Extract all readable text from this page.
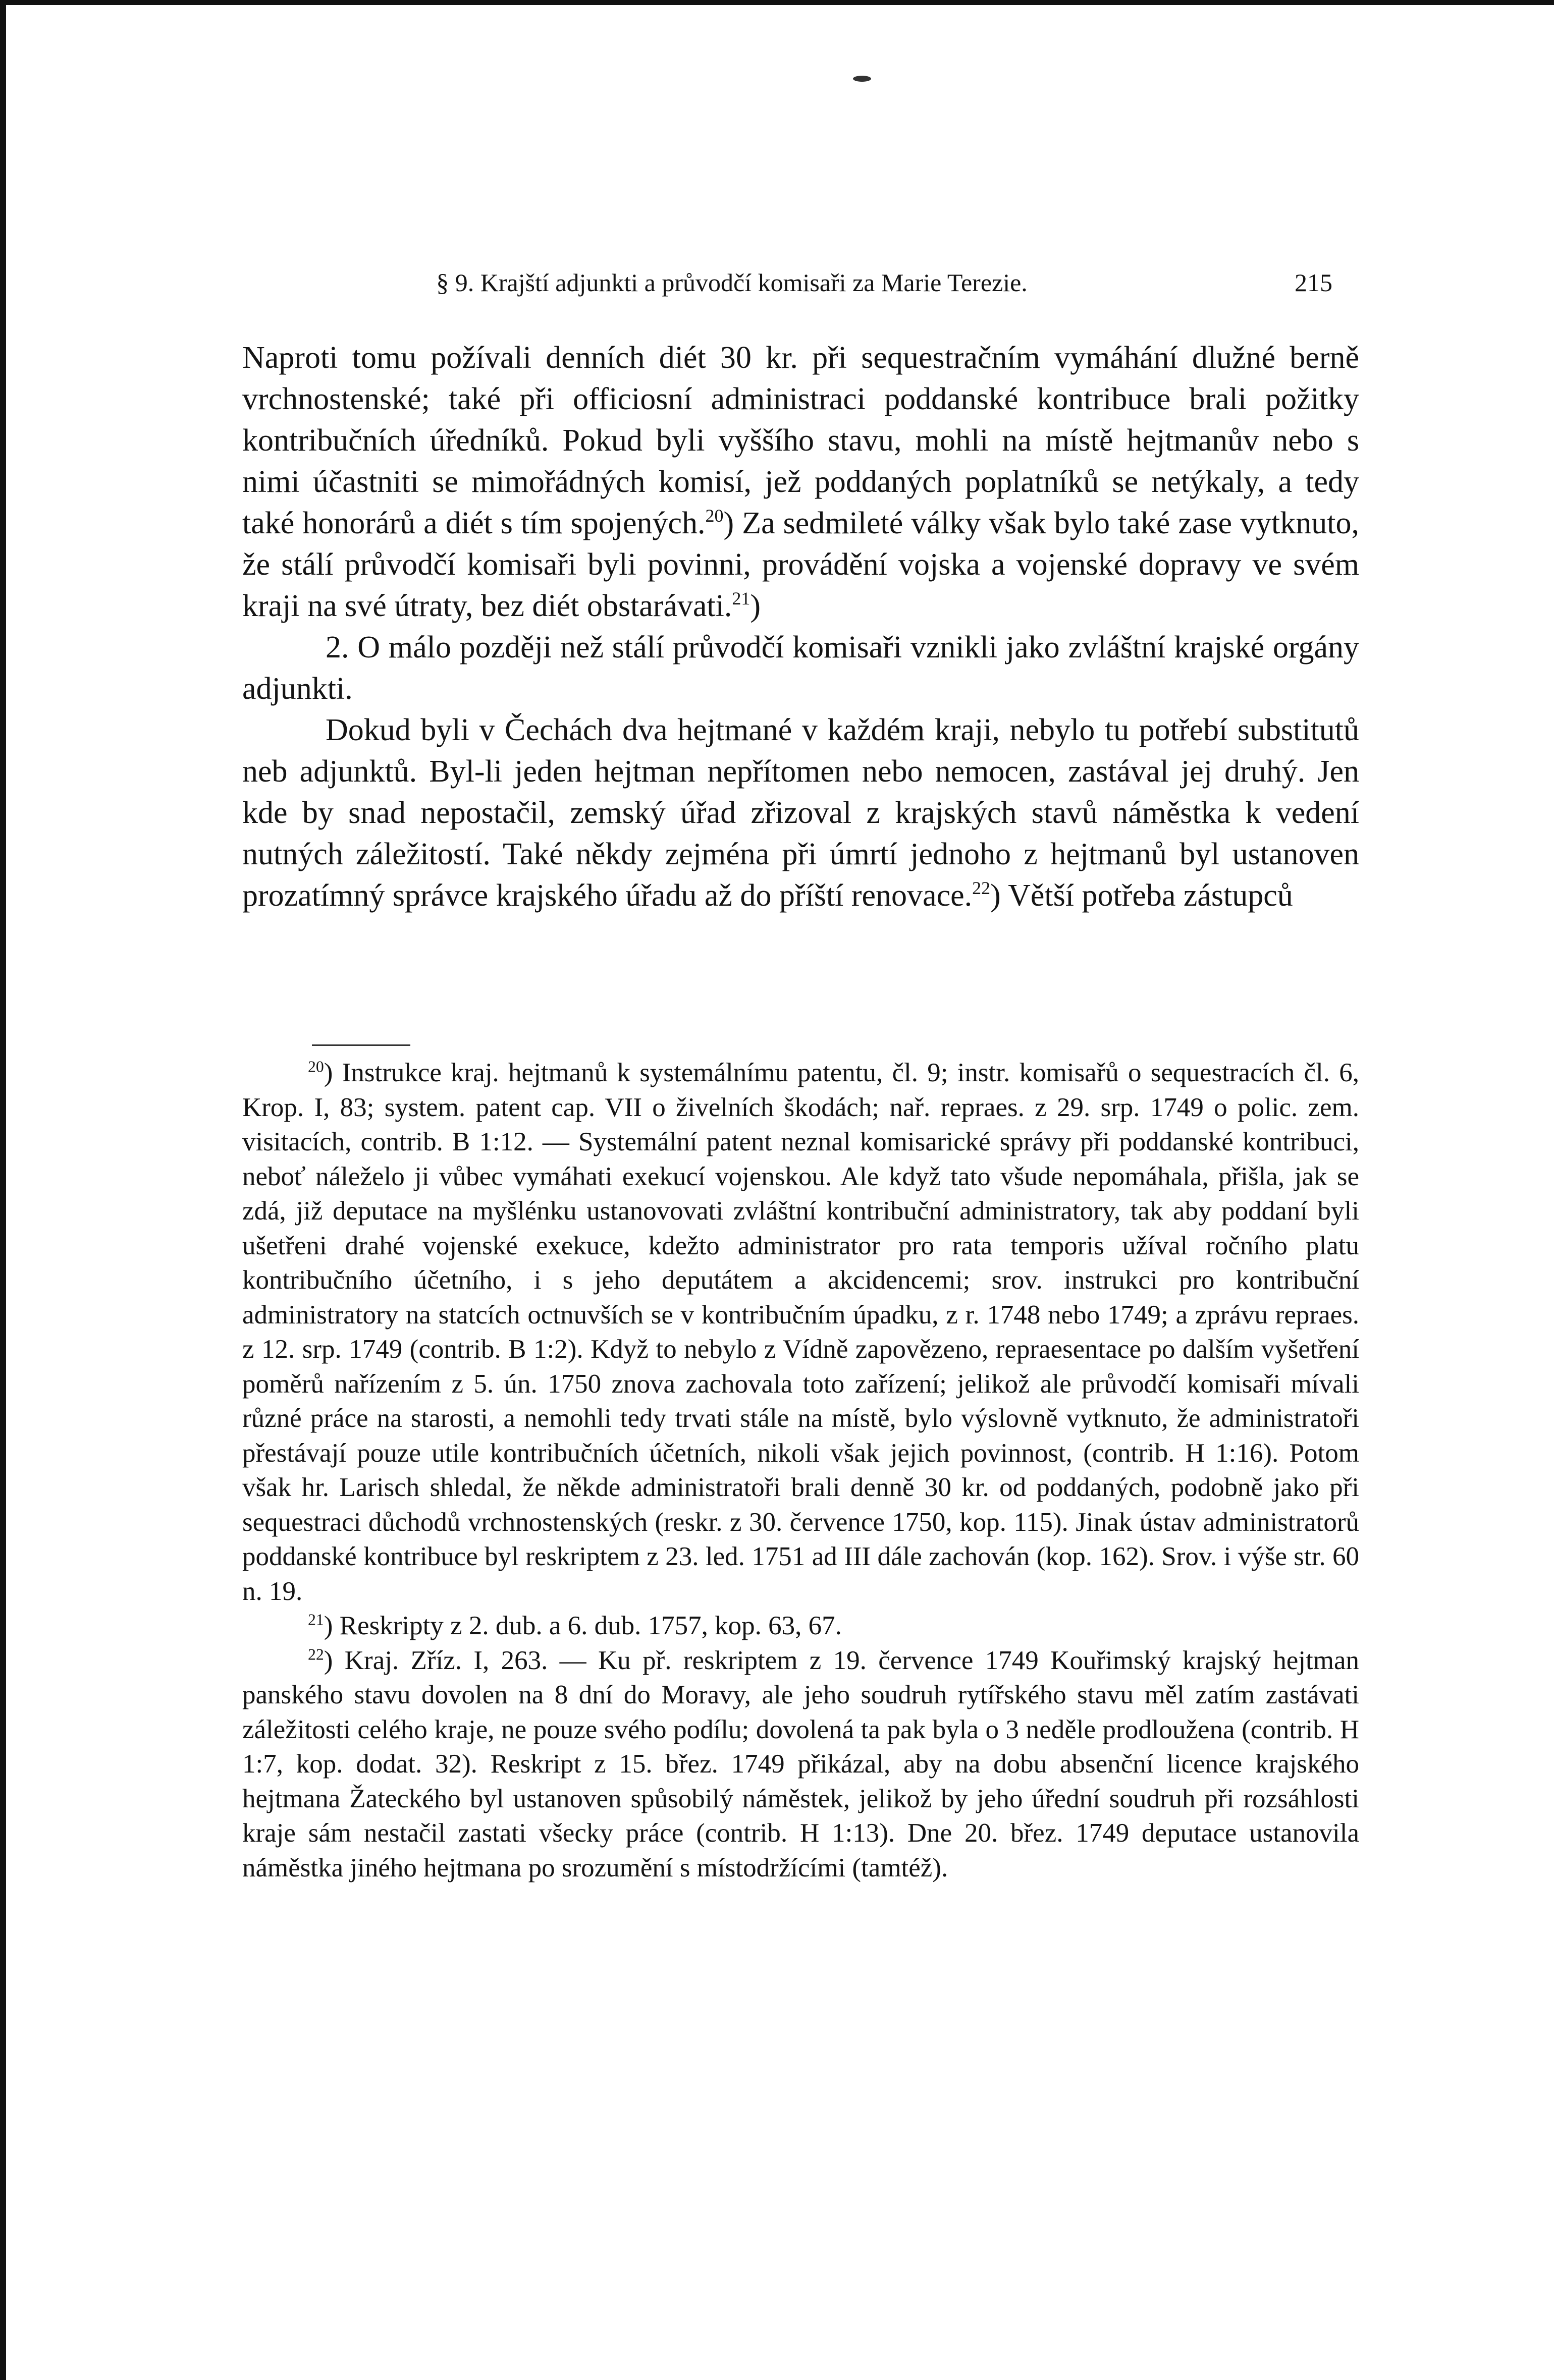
§ 9. Krajští adjunkti a průvodčí komisaři za Marie Terezie.	215

Naproti tomu požívali denních diét 30 kr. při sequestračním vymáhání dlužné berně vrchnostenské; také při officiosní administraci poddanské kontribuce brali požitky kontribučních úředníků. Pokud byli vyššího stavu, mohli na místě hejtmanův nebo s nimi účastniti se mimořádných komisí, jež poddaných poplatníků se netýkaly, a tedy také honorárů a diét s tím spojených.$^{20}$) Za sedmileté války však bylo také zase vytknuto, že stálí průvodčí komisaři byli povinni, provádění vojska a vojenské dopravy ve svém kraji na své útraty, bez diét obstarávati.$^{21}$)

2. O málo později než stálí průvodčí komisaři vznikli jako zvláštní krajské orgány adjunkti.

Dokud byli v Čechách dva hejtmané v každém kraji, nebylo tu potřebí substitutů neb adjunktů. Byl-li jeden hejtman nepřítomen nebo nemocen, zastával jej druhý. Jen kde by snad nepostačil, zemský úřad zřizoval z krajských stavů náměstka k vedení nutných záležitostí. Také někdy zejména při úmrtí jednoho z hejtmanů byl ustanoven prozatímný správce krajského úřadu až do příští renovace.$^{22}$) Větší potřeba zástupců

$^{20}$) Instrukce kraj. hejtmanů k systemálnímu patentu, čl. 9; instr. komisařů o sequestracích čl. 6, Krop. I, 83; system. patent cap. VII o živelních škodách; nař. repraes. z 29. srp. 1749 o polic. zem. visitacích, contrib. B 1:12. — Systemální patent neznal komisarické správy při poddanské kontribuci, neboť náleželo ji vůbec vymáhati exekucí vojenskou. Ale když tato všude nepomáhala, přišla, jak se zdá, již deputace na myšlénku ustanovovati zvláštní kontribuční administratory, tak aby poddaní byli ušetřeni drahé vojenské exekuce, kdežto administrator pro rata temporis užíval ročního platu kontribučního účetního, i s jeho deputátem a akcidencemi; srov. instrukci pro kontribuční administratory na statcích octnuvších se v kontribučním úpadku, z r. 1748 nebo 1749; a zprávu repraes. z 12. srp. 1749 (contrib. B 1:2). Když to nebylo z Vídně zapovězeno, repraesentace po dalším vyšetření poměrů nařízením z 5. ún. 1750 znova zachovala toto zařízení; jelikož ale průvodčí komisaři mívali různé práce na starosti, a nemohli tedy trvati stále na místě, bylo výslovně vytknuto, že administratoři přestávají pouze utile kontribučních účetních, nikoli však jejich povinnost, (contrib. H 1:16). Potom však hr. Larisch shledal, že někde administratoři brali denně 30 kr. od poddaných, podobně jako při sequestraci důchodů vrchnostenských (reskr. z 30. července 1750, kop. 115). Jinak ústav administratorů poddanské kontribuce byl reskriptem z 23. led. 1751 ad III dále zachován (kop. 162). Srov. i výše str. 60 n. 19.

$^{21}$) Reskripty z 2. dub. a 6. dub. 1757, kop. 63, 67.

$^{22}$) Kraj. Zříz. I, 263. — Ku př. reskriptem z 19. července 1749 Kouřimský krajský hejtman panského stavu dovolen na 8 dní do Moravy, ale jeho soudruh rytířského stavu měl zatím zastávati záležitosti celého kraje, ne pouze svého podílu; dovolená ta pak byla o 3 neděle prodloužena (contrib. H 1:7, kop. dodat. 32). Reskript z 15. břez. 1749 přikázal, aby na dobu absenční licence krajského hejtmana Žateckého byl ustanoven spůsobilý náměstek, jelikož by jeho úřední soudruh při rozsáhlosti kraje sám nestačil zastati všecky práce (contrib. H 1:13). Dne 20. břez. 1749 deputace ustanovila náměstka jiného hejtmana po srozumění s místodržícími (tamtéž).
